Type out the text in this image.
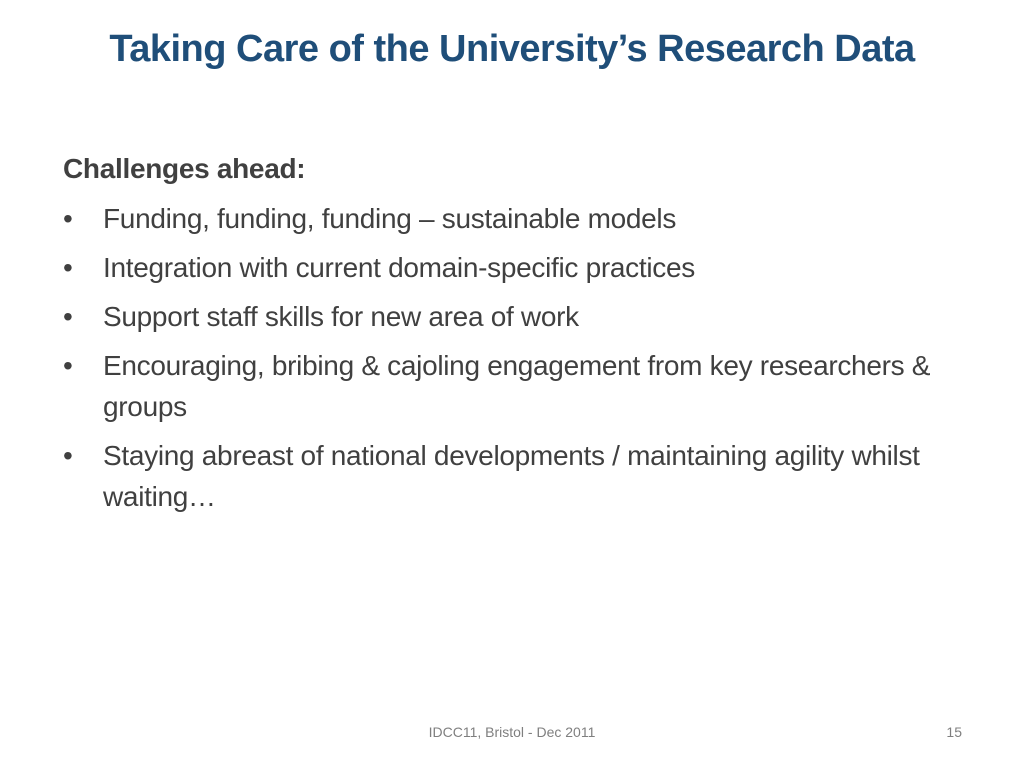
Taking Care of the University’s Research Data
Challenges ahead:
•	Funding, funding, funding – sustainable models
•	Integration with current domain-specific practices
•	Support staff skills for new area of work
•	Encouraging, bribing & cajoling engagement from key researchers & groups
•	Staying abreast of national developments / maintaining agility whilst waiting…
IDCC11, Bristol - Dec 2011	15
